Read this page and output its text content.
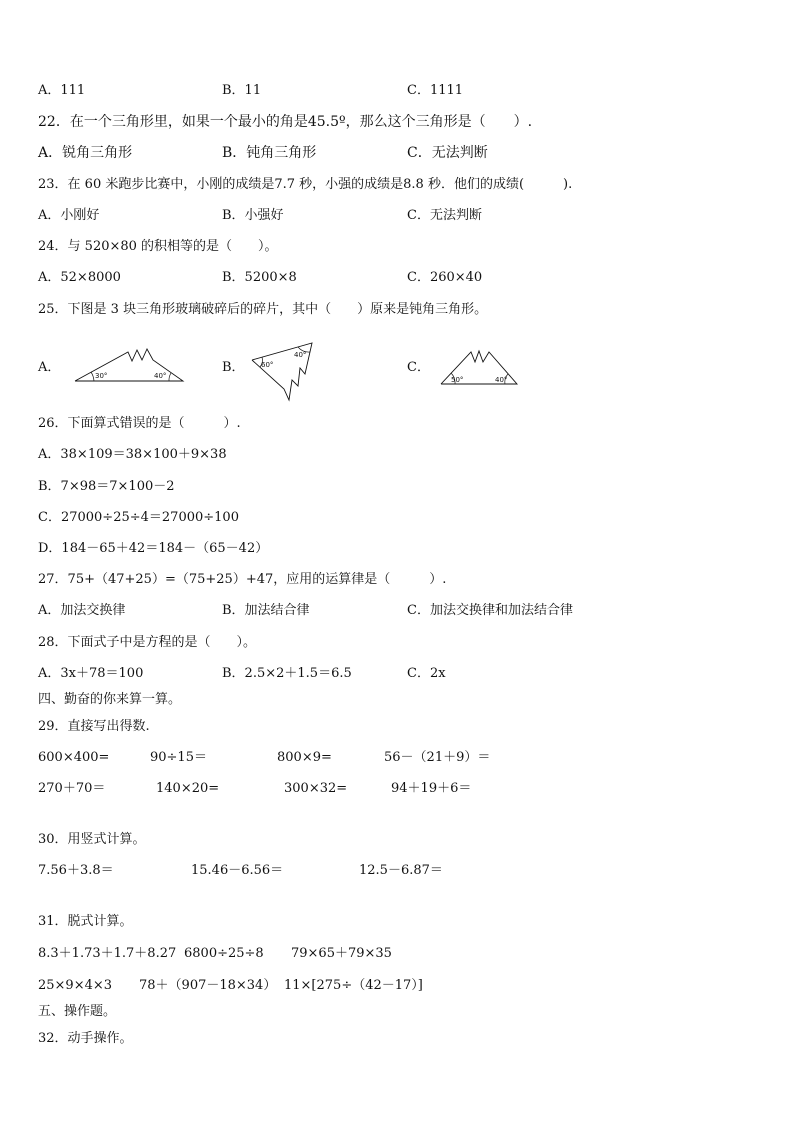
A．111	B．11	C．1111
22．在一个三角形里，如果一个最小的角是45.5º，那么这个三角形是（　　）.
A．锐角三角形	B．钝角三角形	C．无法判断
23．在 60 米跑步比赛中，小刚的成绩是7.7 秒，小强的成绩是8.8 秒．他们的成绩(　　　).
A．小刚好	B．小强好	C．无法判断
24．与 520×80 的积相等的是（　　）。
A．52×8000	B．5200×8	C．260×40
25．下图是 3 块三角形玻璃破碎后的碎片，其中（　　）原来是钝角三角形。
A．	B．	C．
30°	40°
60°
40°
50°	40°
26．下面算式错误的是（　　　）.
A．38×109＝38×100＋9×38
B．7×98＝7×100－2
C．27000÷25÷4＝27000÷100
D．184－65＋42＝184－（65－42）
27．75+（47+25）=（75+25）+47，应用的运算律是（　　　）.
A．加法交换律	B．加法结合律	C．加法交换律和加法结合律
28．下面式子中是方程的是（　　）。
A．3x＋78＝100	B．2.5×2＋1.5＝6.5	C．2x
四、勤奋的你来算一算。
29．直接写出得数.
600×400=	90÷15＝	800×9=	56－（21＋9）＝
270＋70＝	140×20=	300×32=	94＋19＋6＝
30．用竖式计算。
7.56＋3.8＝	15.46－6.56＝	12.5－6.87＝
31．脱式计算。
8.3＋1.73＋1.7＋8.27 6800÷25÷8 79×65＋79×35
25×9×4×3 78＋（907－18×34） 11×[275÷（42－17）]
五、操作题。
32．动手操作。
